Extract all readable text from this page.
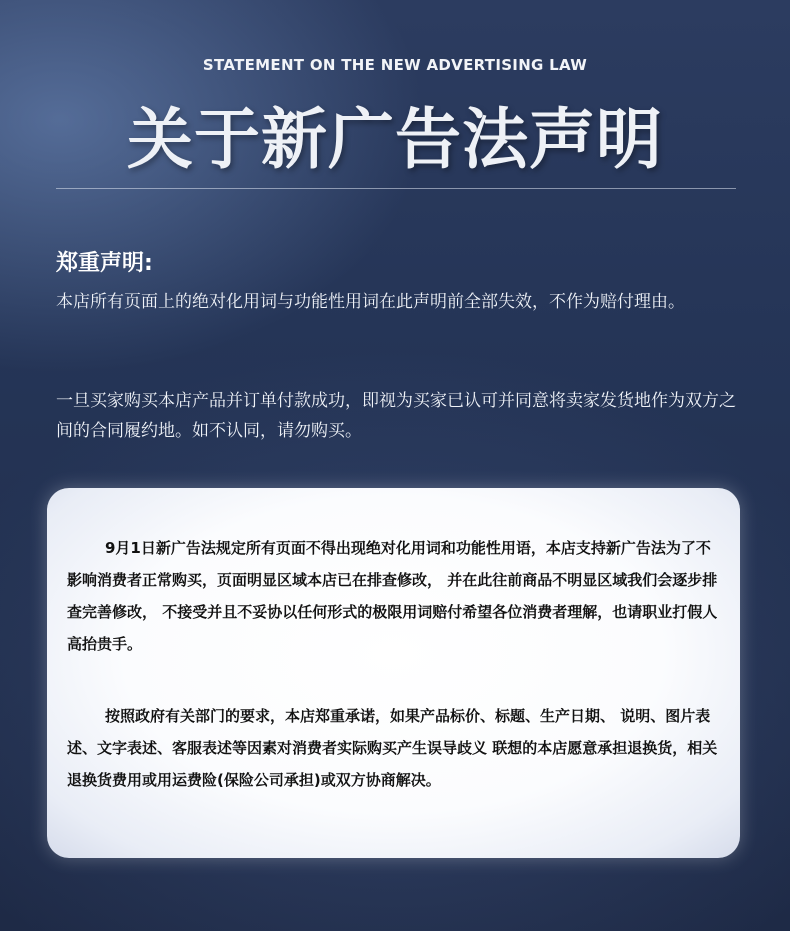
STATEMENT ON THE NEW ADVERTISING LAW
关于新广告法声明
郑重声明:
本店所有页面上的绝对化用词与功能性用词在此声明前全部失效，不作为赔付理由。
一旦买家购买本店产品并订单付款成功，即视为买家已认可并同意将卖家发货地作为双方之间的合同履约地。如不认同，请勿购买。
9月1日新广告法规定所有页面不得出现绝对化用词和功能性用语，本店支持新广告法为了不影响消费者正常购买，页面明显区域本店已在排查修改， 并在此往前商品不明显区域我们会逐步排查完善修改， 不接受并且不妥协以任何形式的极限用词赔付希望各位消费者理解，也请职业打假人高抬贵手。
按照政府有关部门的要求，本店郑重承诺，如果产品标价、标题、生产日期、 说明、图片表述、文字表述、客服表述等因素对消费者实际购买产生误导歧义 联想的本店愿意承担退换货，相关退换货费用或用运费险(保险公司承担)或双方协商解决。
